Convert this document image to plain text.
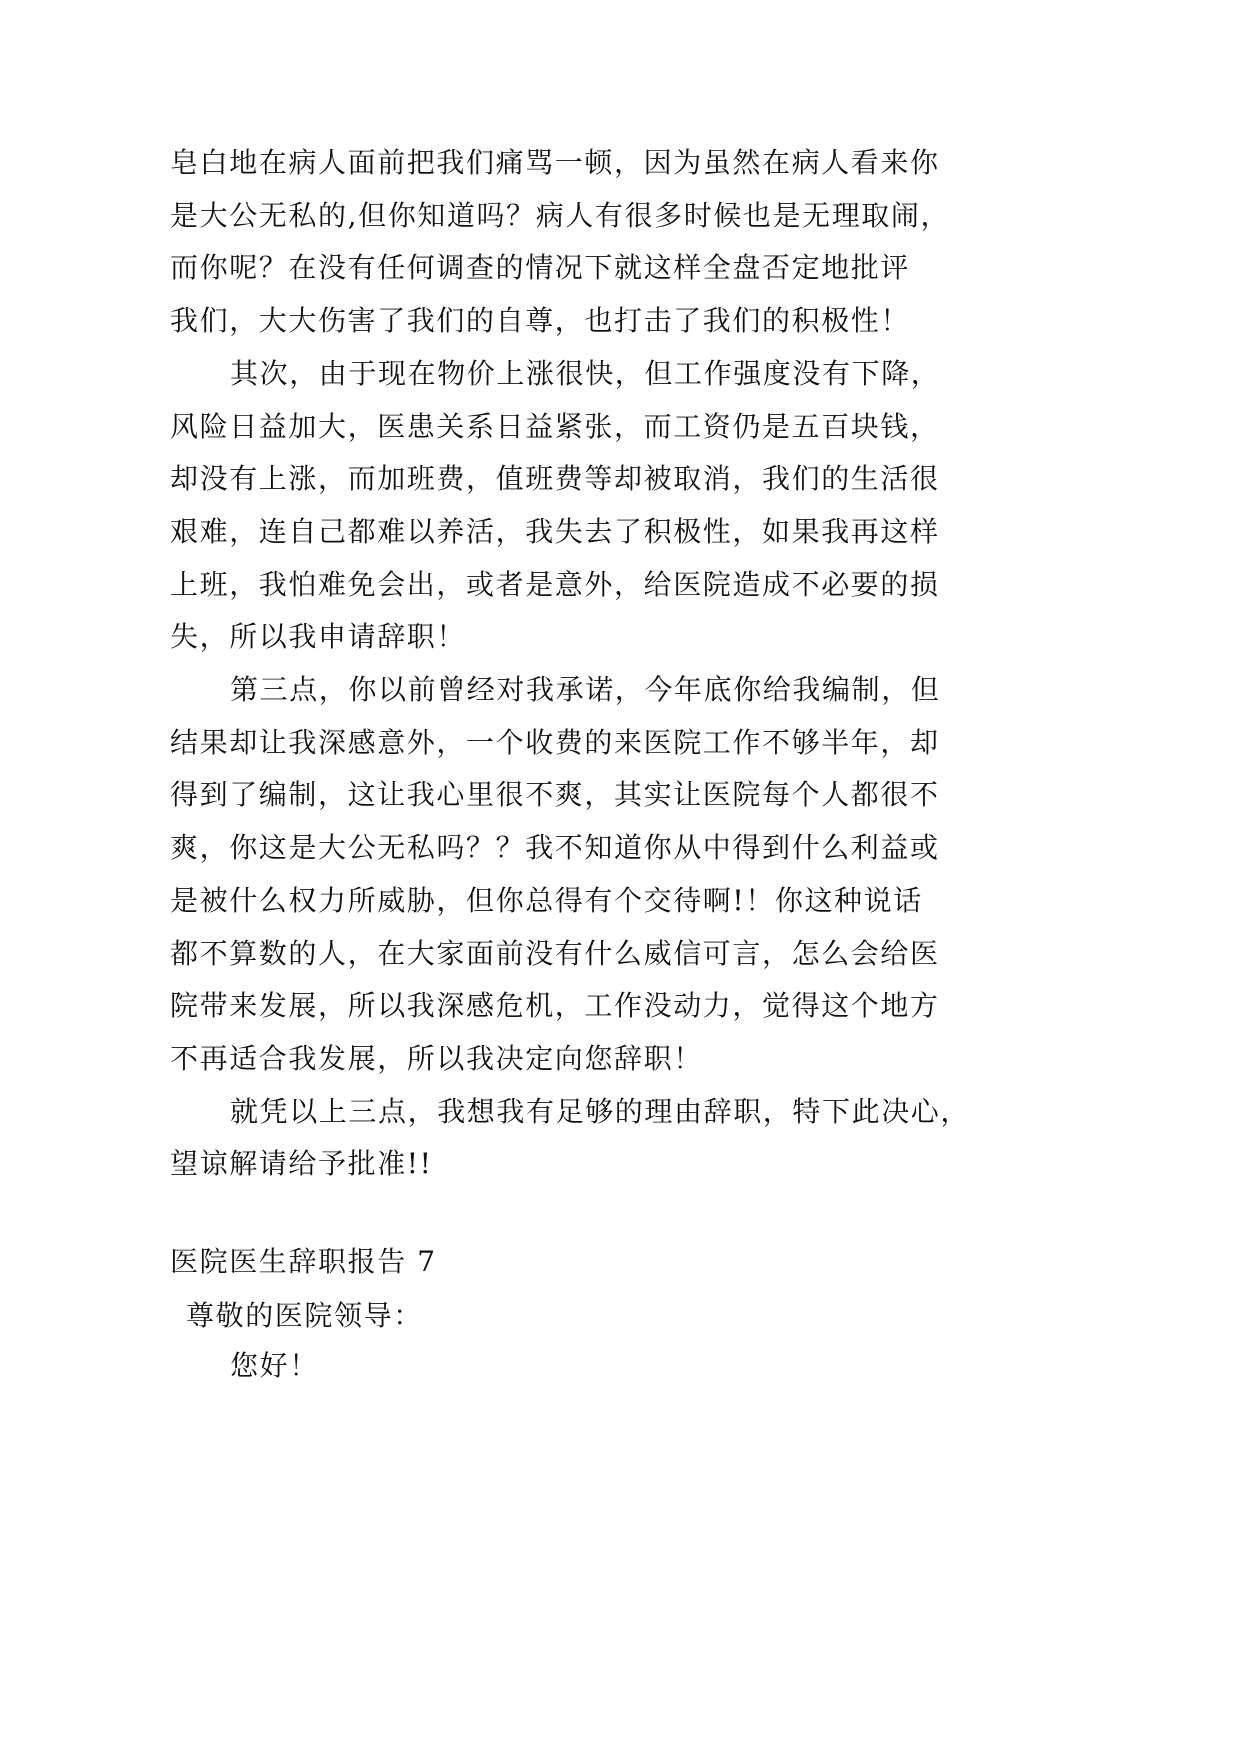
皂白地在病人面前把我们痛骂一顿，因为虽然在病人看来你
是大公无私的,但你知道吗？病人有很多时候也是无理取闹，
而你呢？在没有任何调查的情况下就这样全盘否定地批评
我们，大大伤害了我们的自尊，也打击了我们的积极性！
其次，由于现在物价上涨很快，但工作强度没有下降，
风险日益加大，医患关系日益紧张，而工资仍是五百块钱，
却没有上涨，而加班费，值班费等却被取消，我们的生活很
艰难，连自己都难以养活，我失去了积极性，如果我再这样
上班，我怕难免会出，或者是意外，给医院造成不必要的损
失，所以我申请辞职！
第三点，你以前曾经对我承诺，今年底你给我编制，但
结果却让我深感意外，一个收费的来医院工作不够半年，却
得到了编制，这让我心里很不爽，其实让医院每个人都很不
爽，你这是大公无私吗？？我不知道你从中得到什么利益或
是被什么权力所威胁，但你总得有个交待啊!！你这种说话
都不算数的人，在大家面前没有什么威信可言，怎么会给医
院带来发展，所以我深感危机，工作没动力，觉得这个地方
不再适合我发展，所以我决定向您辞职！
就凭以上三点，我想我有足够的理由辞职，特下此决心，
望谅解请给予批准!!
医院医生辞职报告 7
尊敬的医院领导：
您好！
